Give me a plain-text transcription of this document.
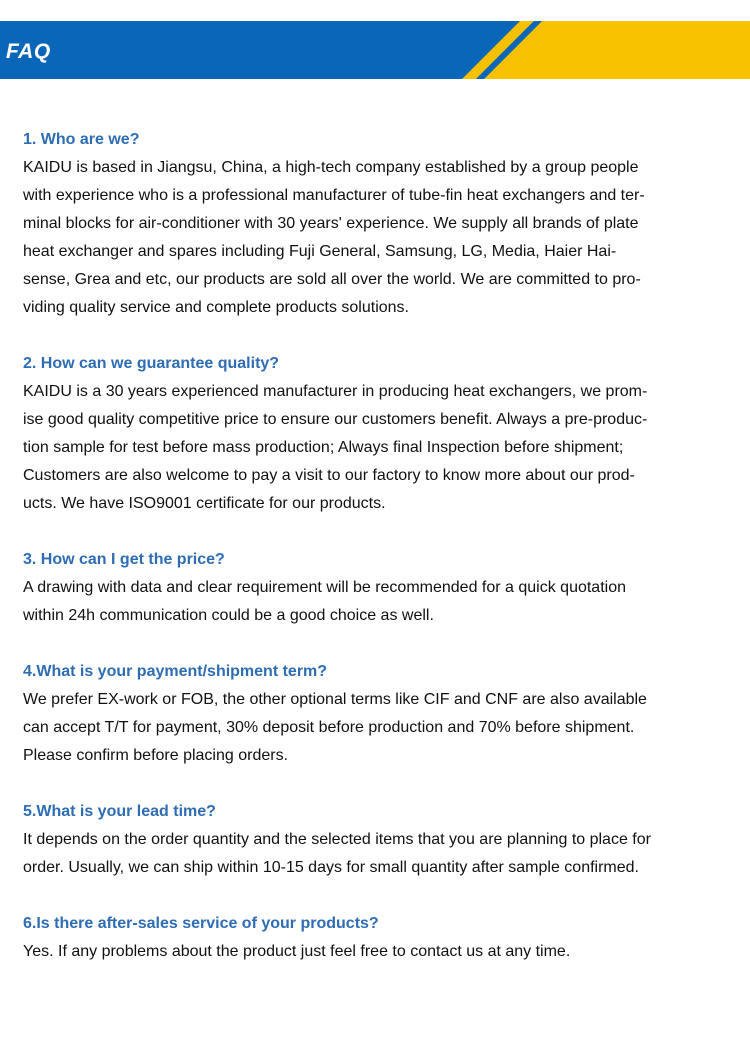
FAQ
1. Who are we?
KAIDU is based in Jiangsu, China, a high-tech company established by a group people
with experience who is a professional manufacturer of tube-fin heat exchangers and ter-
minal blocks for air-conditioner with 30 years' experience. We supply all brands of plate
heat exchanger and spares including Fuji General, Samsung, LG, Media, Haier Hai-
sense, Grea and etc, our products are sold all over the world. We are committed to pro-
viding quality service and complete products solutions.
2. How can we guarantee quality?
KAIDU is a 30 years experienced manufacturer in producing heat exchangers, we prom-
ise good quality competitive price to ensure our customers benefit. Always a pre-produc-
tion sample for test before mass production; Always final Inspection before shipment;
Customers are also welcome to pay a visit to our factory to know more about our prod-
ucts. We have ISO9001 certificate for our products.
3. How can I get the price?
A drawing with data and clear requirement will be recommended for a quick quotation
within 24h communication could be a good choice as well.
4.What is your payment/shipment term?
We prefer EX-work or FOB, the other optional terms like CIF and CNF are also available
can accept T/T for payment, 30% deposit before production and 70% before shipment.
Please confirm before placing orders.
5.What is your lead time?
It depends on the order quantity and the selected items that you are planning to place for
order. Usually, we can ship within 10-15 days for small quantity after sample confirmed.
6.Is there after-sales service of your products?
Yes. If any problems about the product just feel free to contact us at any time.
